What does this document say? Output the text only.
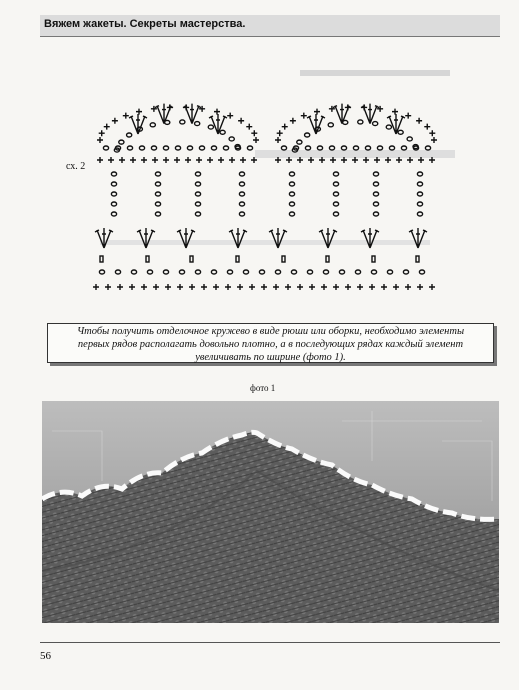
Вяжем жакеты. Секреты мастерства.
сх. 2
Чтобы получить отделочное кружево в виде рюши или оборки, необходимо элементы
первых рядов располагать довольно плотно, а в последующих рядах каждый элемент
увеличивать по ширине (фото 1).
фото 1
56
